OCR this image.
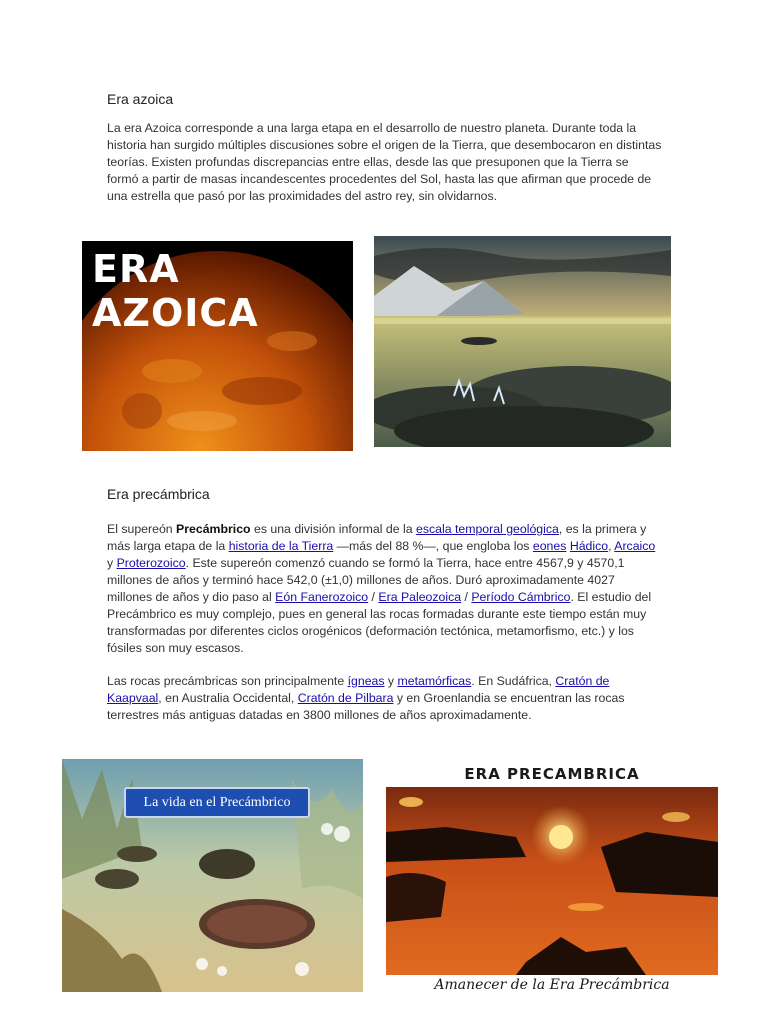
Era azoica
La era Azoica corresponde a una larga etapa en el desarrollo de nuestro planeta. Durante toda la historia han surgido múltiples discusiones sobre el origen de la Tierra, que desembocaron en distintas teorías. Existen profundas discrepancias entre ellas, desde las que presuponen que la Tierra se formó a partir de masas incandescentes procedentes del Sol, hasta las que afirman que procede de una estrella que pasó por las proximidades del astro rey, sin olvidarnos.
ERA AZOICA
Era precámbrica
El supereón Precámbrico es una división informal de la escala temporal geológica, es la primera y más larga etapa de la historia de la Tierra —más del 88 %—, que engloba los eones Hádico, Arcaico y Proterozoico. Este supereón comenzó cuando se formó la Tierra, hace entre 4567,9 y 4570,1 millones de años y terminó hace 542,0 (±1,0) millones de años. Duró aproximadamente 4027 millones de años y dio paso al Eón Fanerozoico / Era Paleozoica / Período Cámbrico. El estudio del Precámbrico es muy complejo, pues en general las rocas formadas durante este tiempo están muy transformadas por diferentes ciclos orogénicos (deformación tectónica, metamorfismo, etc.) y los fósiles son muy escasos.
Las rocas precámbricas son principalmente ígneas y metamórficas. En Sudáfrica, Cratón de Kaapvaal, en Australia Occidental, Cratón de Pilbara y en Groenlandia se encuentran las rocas terrestres más antiguas datadas en 3800 millones de años aproximadamente.
La vida en el Precámbrico
ERA PRECAMBRICA
Amanecer de la Era Precámbrica
